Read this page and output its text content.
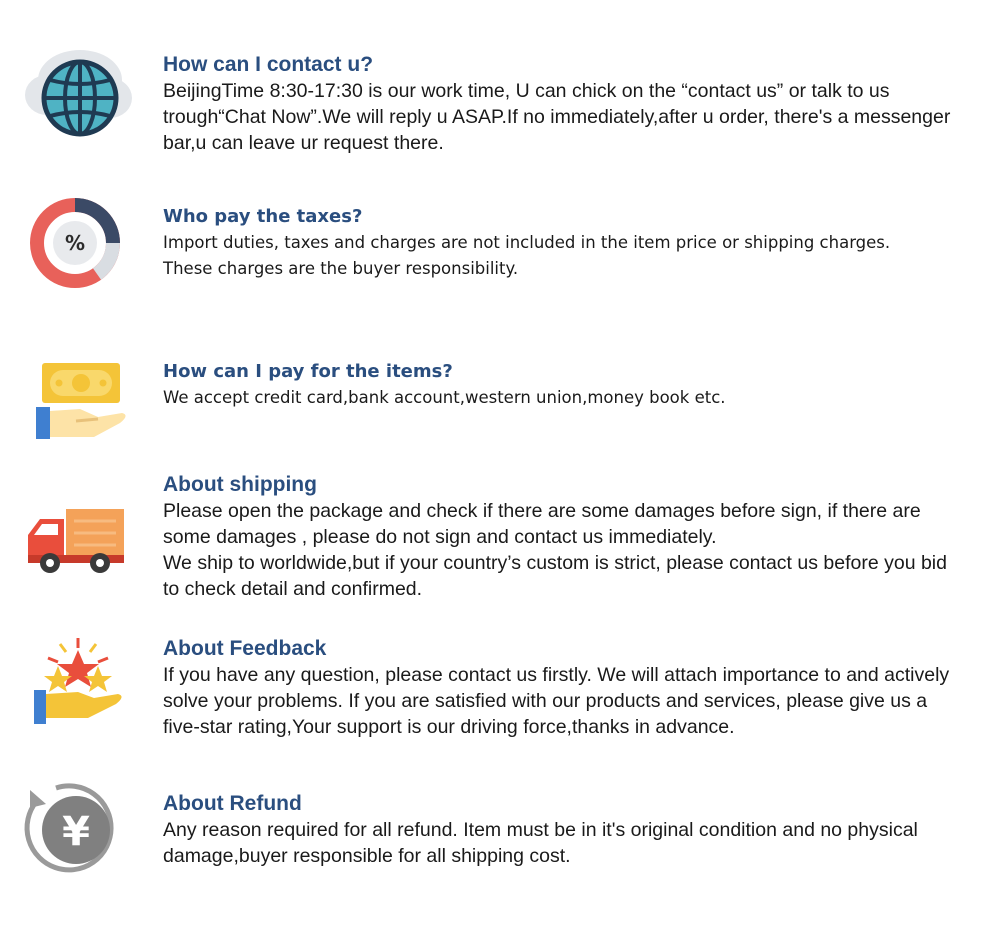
How can I contact u?

BeijingTime 8:30-17:30 is our work time, U can chick on the “contact us” or talk to us trough“Chat Now”.We will reply u ASAP.If no immediately,after u order, there's a messenger bar,u can leave ur request there.

%
Who pay the taxes?

Import duties, taxes and charges are not included in the item price or shipping charges.

These charges are the buyer responsibility.

How can I pay for the items?

We accept credit card,bank account,western union,money book etc.

About shipping

Please open the package and check if there are some damages before sign, if there are some damages , please do not sign and contact us immediately.

We ship to worldwide,but if your country’s custom is strict, please contact us before you bid to check detail and confirmed.

About Feedback

If you have any question, please contact us firstly. We will attach importance to and actively solve your problems. If you are satisfied with our products and services, please give us a five-star rating,Your support is our driving force,thanks in advance.

¥
About Refund

Any reason required for all refund. Item must be in it's original condition and no physical damage,buyer responsible for all shipping cost.
